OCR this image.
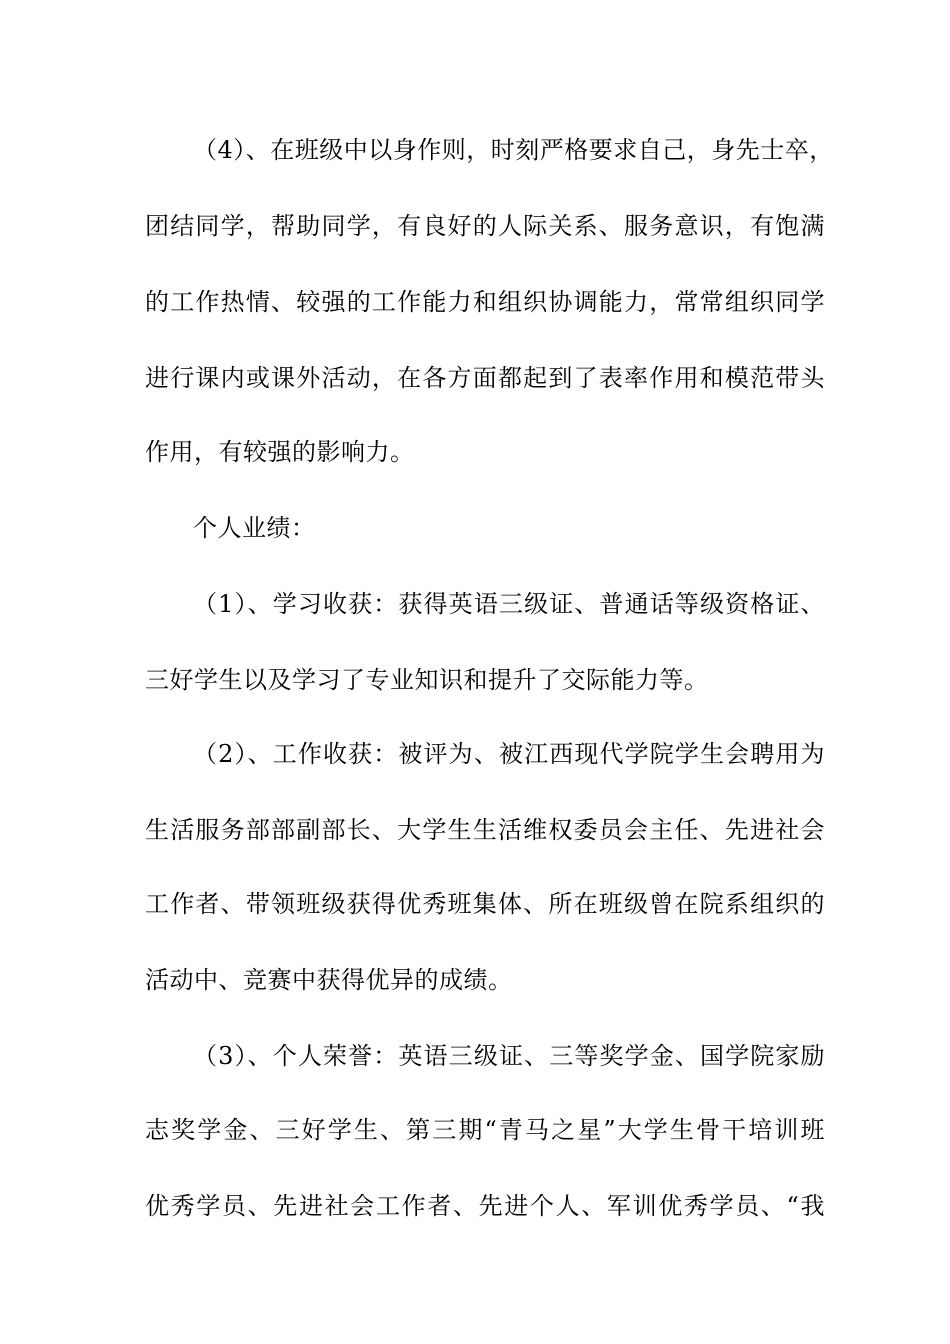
（4）、在班级中以身作则，时刻严格要求自己，身先士卒，
团结同学，帮助同学，有良好的人际关系、服务意识，有饱满
的工作热情、较强的工作能力和组织协调能力，常常组织同学
进行课内或课外活动，在各方面都起到了表率作用和模范带头
作用，有较强的影响力。
个人业绩：
（1）、学习收获：获得英语三级证、普通话等级资格证、
三好学生以及学习了专业知识和提升了交际能力等。
（2）、工作收获：被评为、被江西现代学院学生会聘用为
生活服务部部副部长、大学生生活维权委员会主任、先进社会
工作者、带领班级获得优秀班集体、所在班级曾在院系组织的
活动中、竞赛中获得优异的成绩。
（3）、个人荣誉：英语三级证、三等奖学金、国学院家励
志奖学金、三好学生、第三期“青马之星”大学生骨干培训班
优秀学员、先进社会工作者、先进个人、军训优秀学员、“我
